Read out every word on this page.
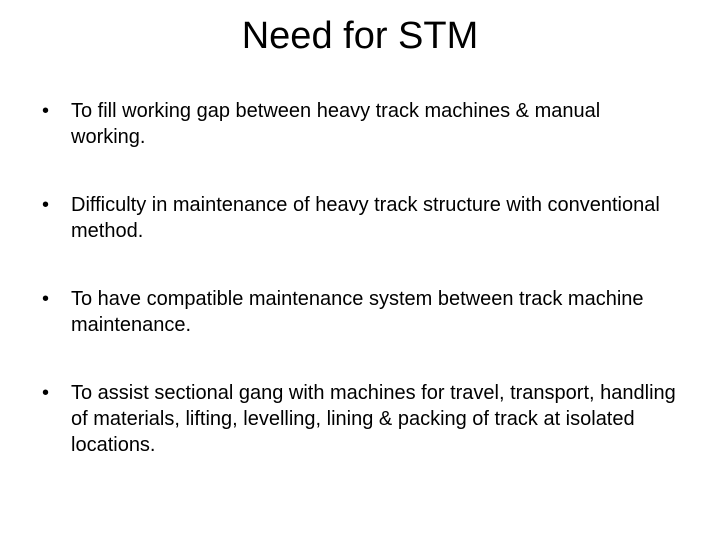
Need for STM
• To fill working gap between heavy track machines & manual working.
• Difficulty in maintenance of heavy track structure with conventional method.
• To have compatible maintenance system between track machine maintenance.
• To assist sectional gang with machines for travel, transport, handling of materials, lifting, levelling, lining & packing of track at isolated locations.
